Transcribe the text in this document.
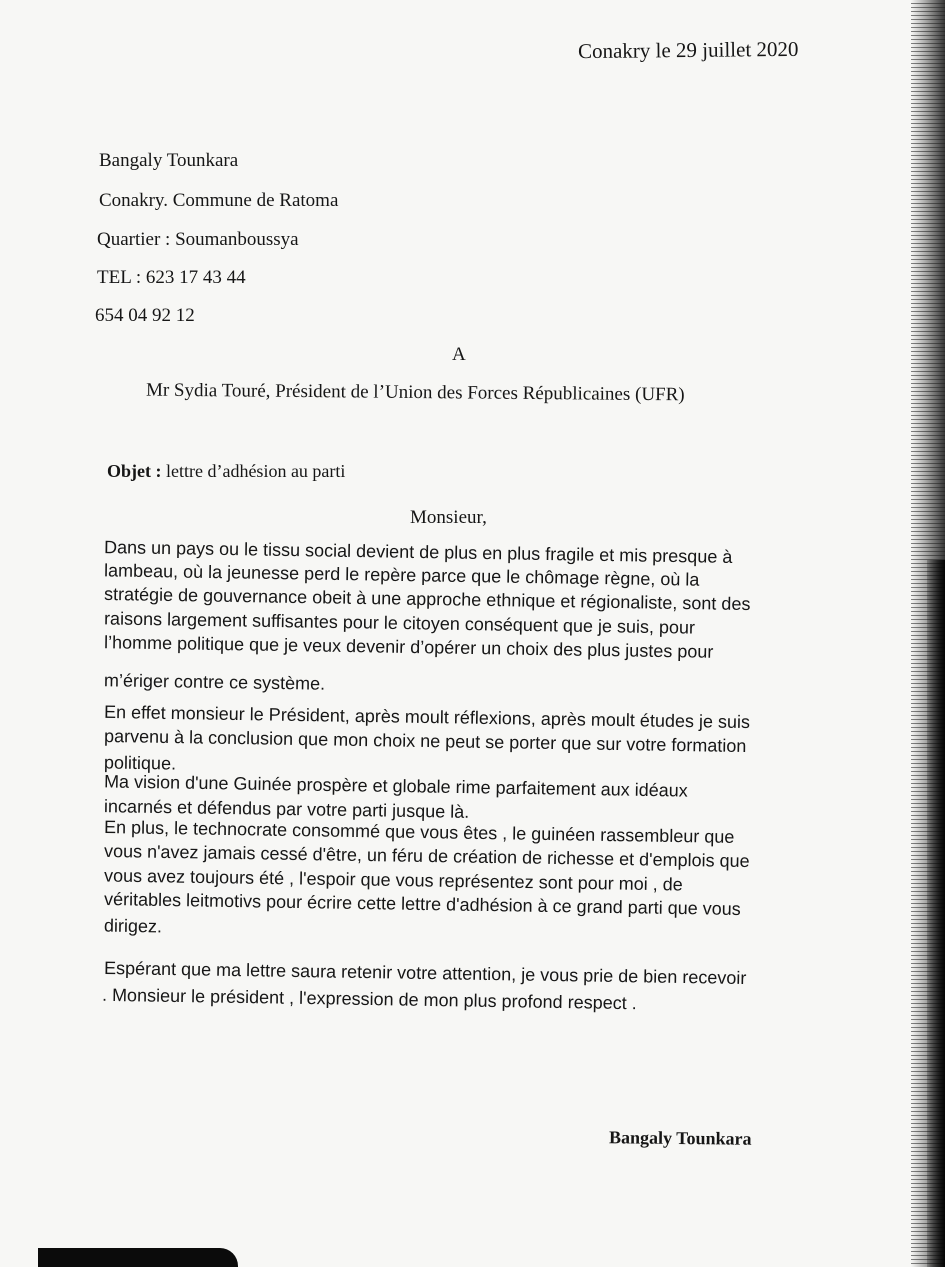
Conakry le 29 juillet 2020
Bangaly Tounkara
Conakry. Commune de Ratoma
Quartier : Soumanboussya
TEL : 623 17 43 44
654 04 92 12
A
Mr Sydia Touré, Président de l’Union des Forces Républicaines (UFR)
Objet : lettre d’adhésion au parti
Monsieur,
Dans un pays ou le tissu social devient de plus en plus fragile et mis presque à
lambeau, où la jeunesse perd le repère parce que le chômage règne, où la
stratégie de gouvernance obeit à une approche ethnique et régionaliste, sont des
raisons largement suffisantes pour le citoyen conséquent que je suis, pour
l’homme politique que je veux devenir d’opérer un choix des plus justes pour
m’ériger contre ce système.
En effet monsieur le Président, après moult réflexions, après moult études je suis
parvenu à la conclusion que mon choix ne peut se porter que sur votre formation
politique.
Ma vision d'une Guinée prospère et globale rime parfaitement aux idéaux
incarnés et défendus par votre parti jusque là.
En plus, le technocrate consommé que vous êtes , le guinéen rassembleur que
vous n'avez jamais cessé d'être, un féru de création de richesse et d'emplois que
vous avez toujours été , l'espoir que vous représentez sont pour moi , de
véritables leitmotivs pour écrire cette lettre d'adhésion à ce grand parti que vous
dirigez.
Espérant que ma lettre saura retenir votre attention, je vous prie de bien recevoir
. Monsieur le président , l'expression de mon plus profond respect .
Bangaly Tounkara
